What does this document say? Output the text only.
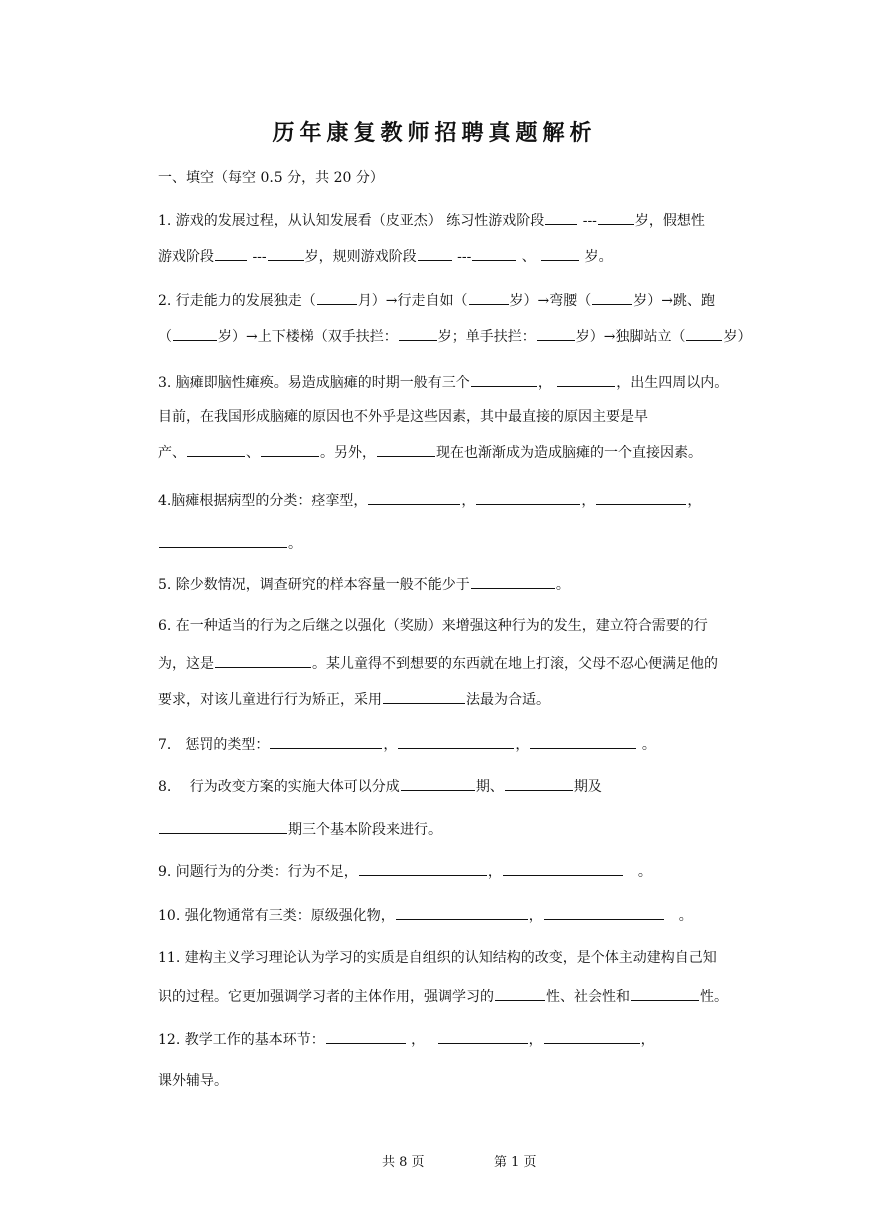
历年康复教师招聘真题解析
一、填空（每空 0.5 分，共 20 分）
1. 游戏的发展过程，从认知发展看（皮亚杰） 练习性游戏阶段	---	岁，假想性
游戏阶段	---	岁，规则游戏阶段	---	、	岁。
2. 行走能力的发展独走（	月）→行走自如（	岁）→弯腰（	岁）→跳、跑
（	岁）→上下楼梯（双手扶拦：	岁；单手扶拦：	岁）→独脚站立（	岁）
3. 脑瘫即脑性瘫痪。易造成脑瘫的时期一般有三个	，	，出生四周以内。
目前，在我国形成脑瘫的原因也不外乎是这些因素，其中最直接的原因主要是早
产、	、	。另外，	现在也渐渐成为造成脑瘫的一个直接因素。
4.脑瘫根据病型的分类：痉挛型，	，	，	，
。
5. 除少数情况，调查研究的样本容量一般不能少于	。
6. 在一种适当的行为之后继之以强化（奖励）来增强这种行为的发生，建立符合需要的行
为，这是	。某儿童得不到想要的东西就在地上打滚，父母不忍心便满足他的
要求，对该儿童进行行为矫正，采用	法最为合适。
7． 惩罚的类型：	，	，	。
8.　 行为改变方案的实施大体可以分成	期、	期及
期三个基本阶段来进行。
9. 问题行为的分类：行为不足，	，　	。
10. 强化物通常有三类：原级强化物，	，　	。
11. 建构主义学习理论认为学习的实质是自组织的认知结构的改变，是个体主动建构自己知
识的过程。它更加强调学习者的主体作用，强调学习的	性、社会性和	性。
12. 教学工作的基本环节：	，　	，	，
课外辅导。
共 8 页	第 1 页
